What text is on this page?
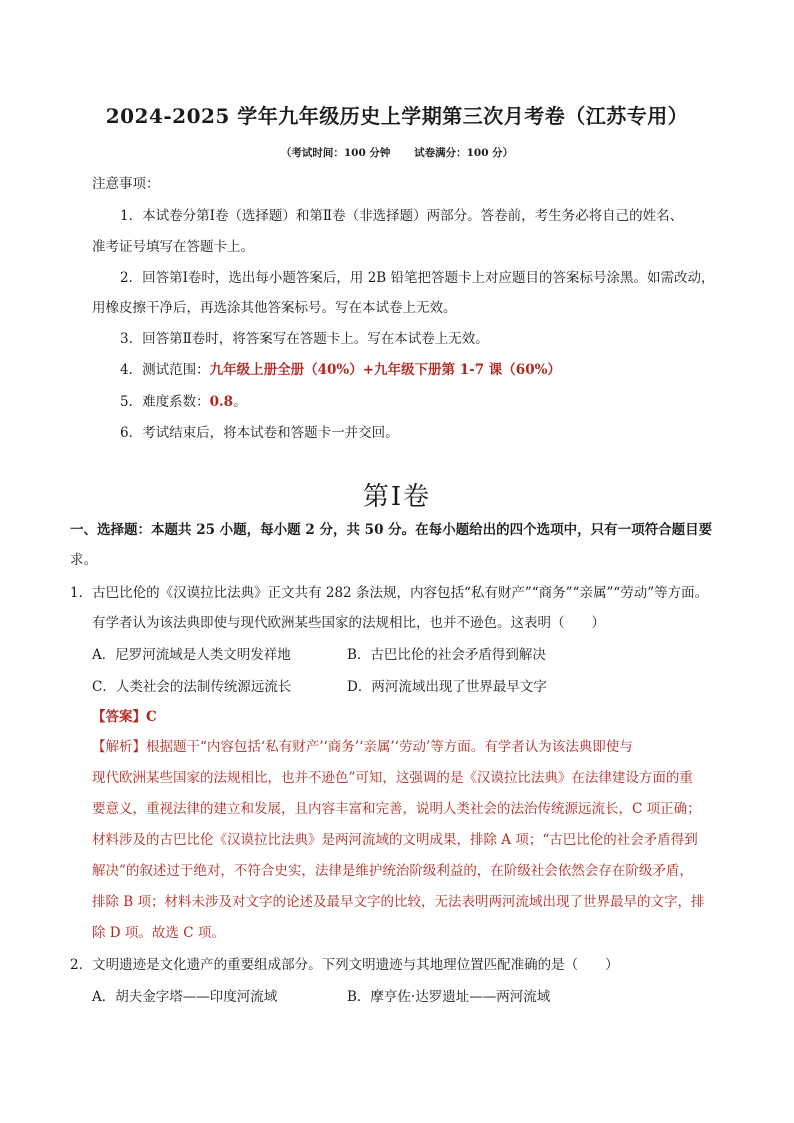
2024-2025 学年九年级历史上学期第三次月考卷（江苏专用）
（考试时间：100 分钟 试卷满分：100 分）
注意事项：
1．本试卷分第Ⅰ卷（选择题）和第Ⅱ卷（非选择题）两部分。答卷前，考生务必将自己的姓名、
准考证号填写在答题卡上。
2．回答第Ⅰ卷时，选出每小题答案后，用 2B 铅笔把答题卡上对应题目的答案标号涂黑。如需改动，
用橡皮擦干净后，再选涂其他答案标号。写在本试卷上无效。
3．回答第Ⅱ卷时，将答案写在答题卡上。写在本试卷上无效。
4．测试范围：九年级上册全册（40%）+九年级下册第 1-7 课（60%）
5．难度系数：0.8。
6．考试结束后，将本试卷和答题卡一并交回。
第Ⅰ卷
一、选择题：本题共 25 小题，每小题 2 分，共 50 分。在每小题给出的四个选项中，只有一项符合题目要
求。
1．古巴比伦的《汉谟拉比法典》正文共有 282 条法规，内容包括“私有财产”“商务”“亲属”“劳动”等方面。
有学者认为该法典即使与现代欧洲某些国家的法规相比，也并不逊色。这表明（　　）
A．尼罗河流域是人类文明发祥地	B．古巴比伦的社会矛盾得到解决
C．人类社会的法制传统源远流长	D．两河流域出现了世界最早文字
【答案】C
【解析】根据题干“内容包括‘私有财产’‘商务’‘亲属’‘劳动’等方面。有学者认为该法典即使与
现代欧洲某些国家的法规相比，也并不逊色”可知，这强调的是《汉谟拉比法典》在法律建设方面的重
要意义，重视法律的建立和发展，且内容丰富和完善，说明人类社会的法治传统源远流长，C 项正确；
材料涉及的古巴比伦《汉谟拉比法典》是两河流域的文明成果，排除 A 项；“古巴比伦的社会矛盾得到
解决”的叙述过于绝对，不符合史实，法律是维护统治阶级利益的，在阶级社会依然会存在阶级矛盾，
排除 B 项；材料未涉及对文字的论述及最早文字的比较，无法表明两河流域出现了世界最早的文字，排
除 D 项。故选 C 项。
2．文明遗迹是文化遗产的重要组成部分。下列文明遗迹与其地理位置匹配准确的是（　　）
A．胡夫金字塔——印度河流域	B．摩亨佐·达罗遗址——两河流域
